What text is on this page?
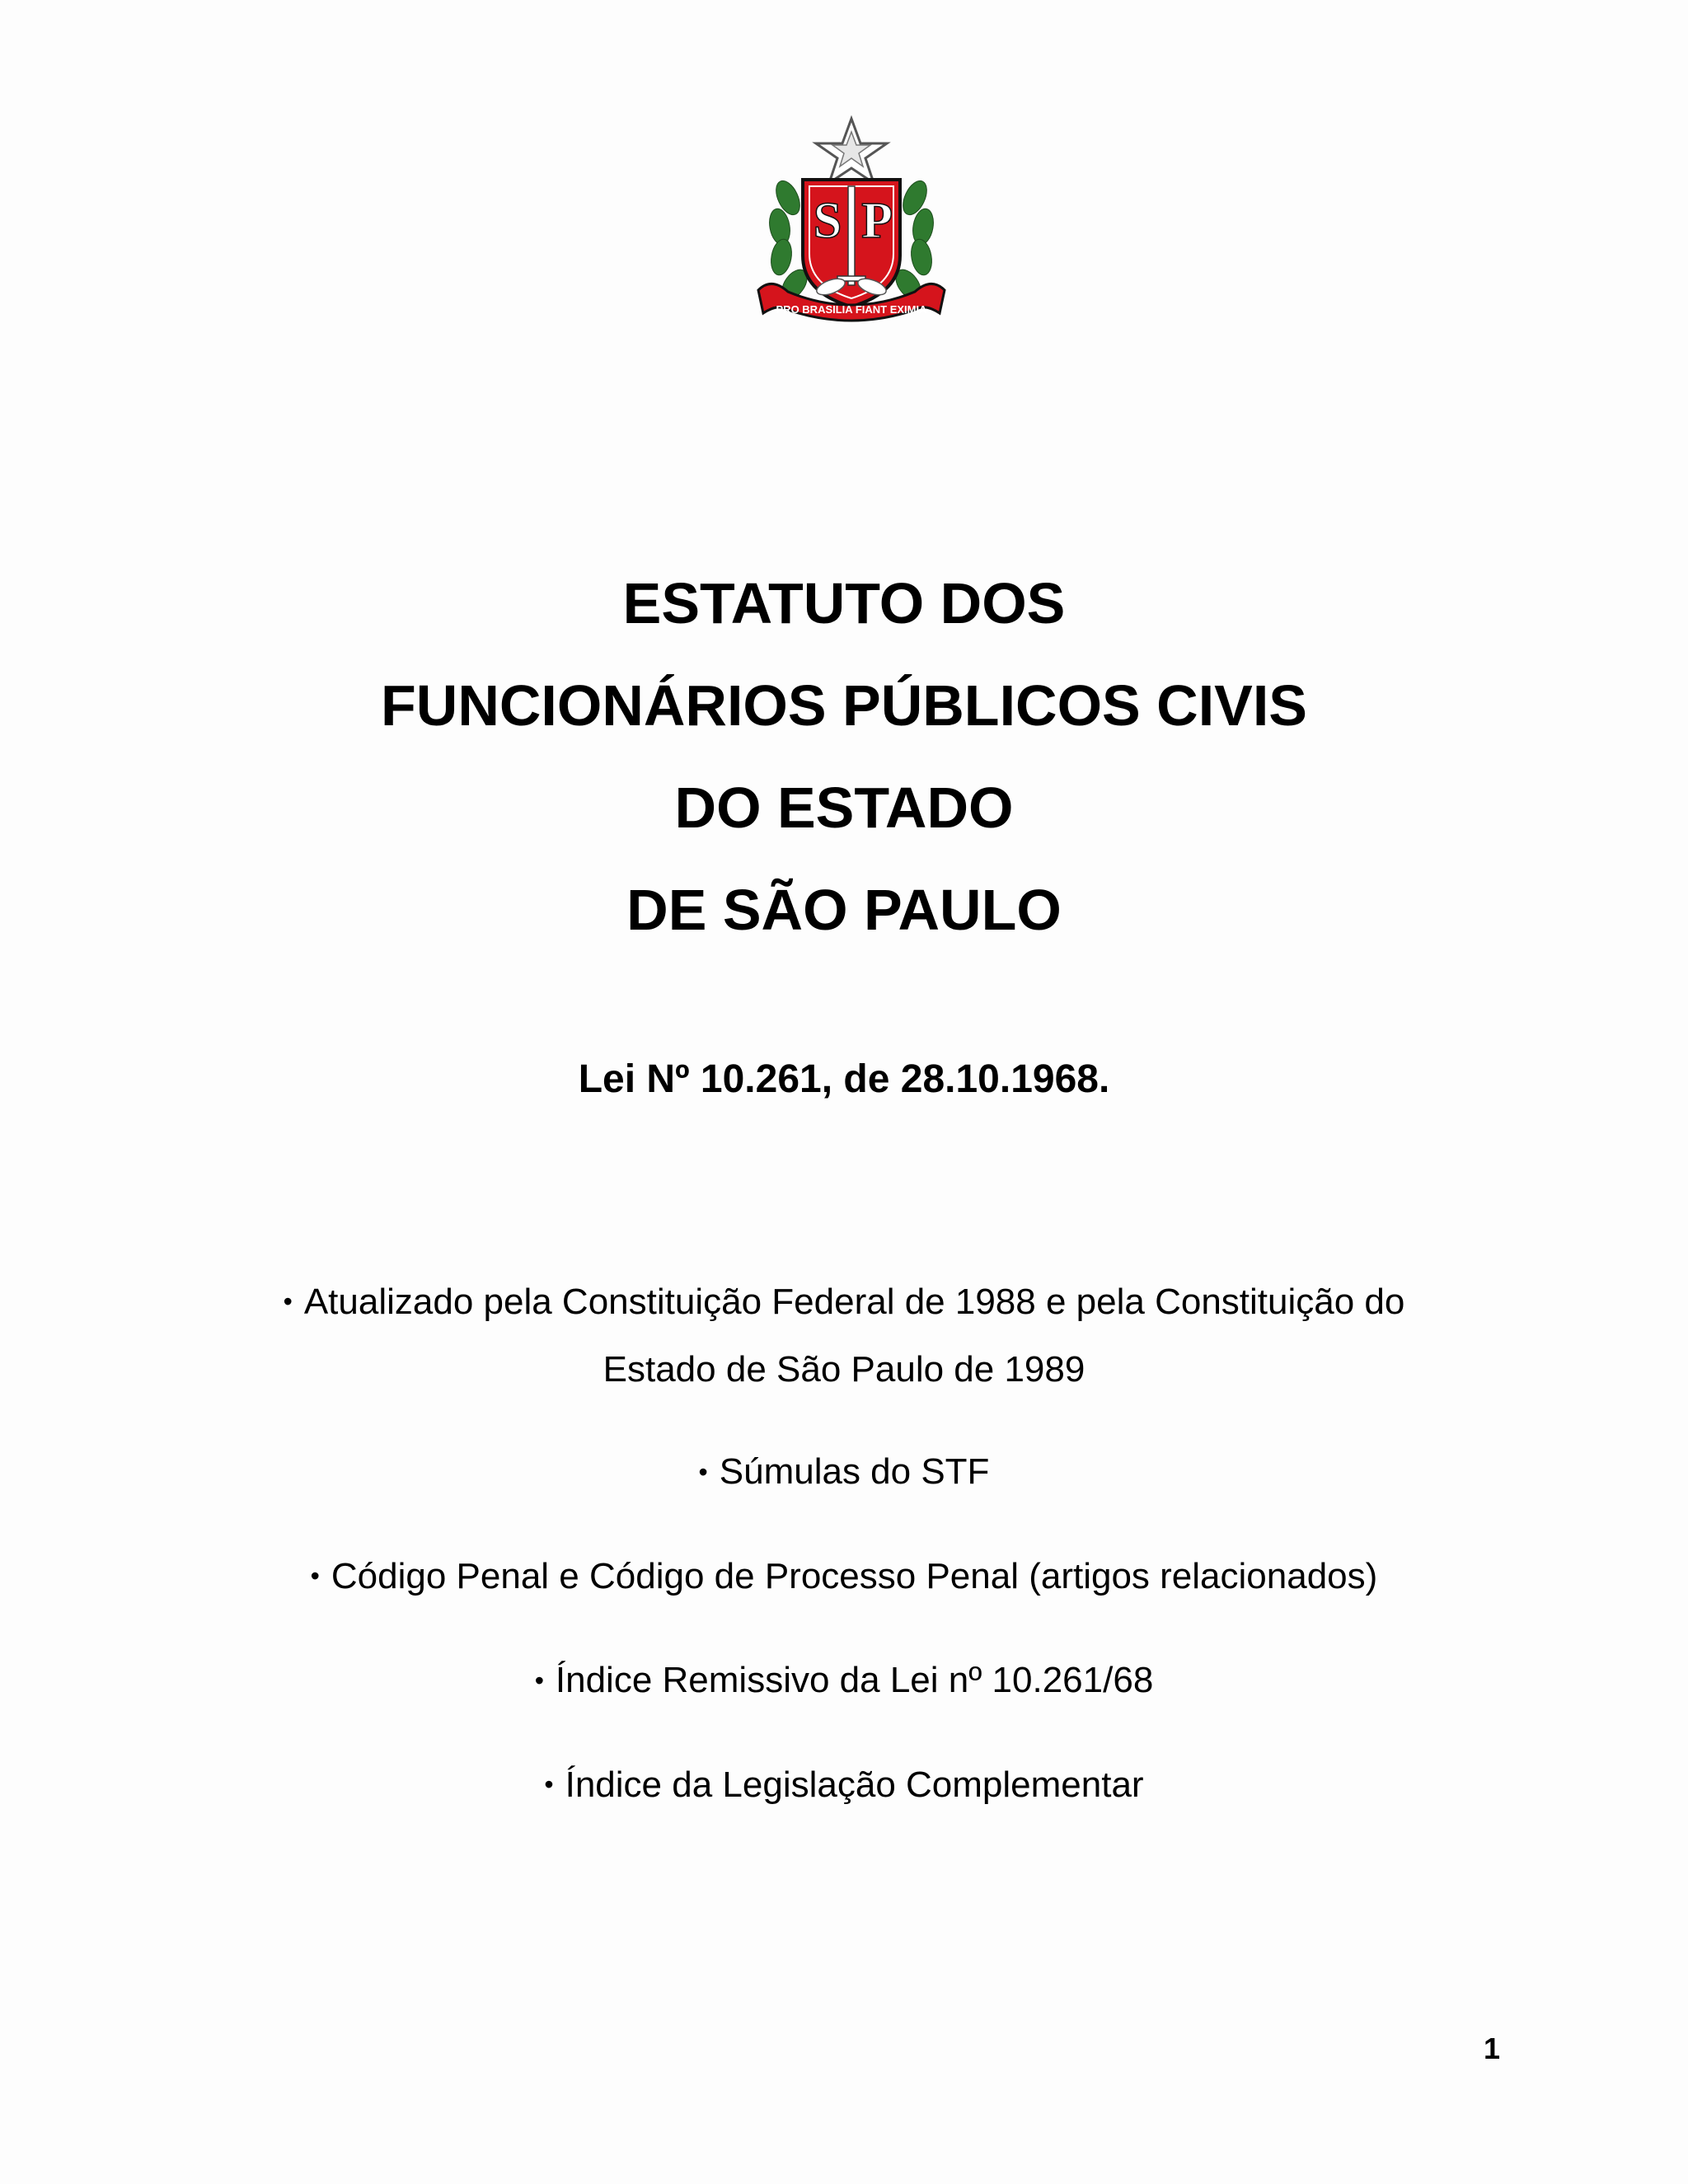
S P
PRO BRASILIA FIANT EXIMIA
ESTATUTO DOS
FUNCIONÁRIOS PÚBLICOS CIVIS
DO ESTADO
DE SÃO PAULO
Lei Nº 10.261, de 28.10.1968.
• Atualizado pela Constituição Federal de 1988 e pela Constituição do Estado de São Paulo de 1989
• Súmulas do STF
• Código Penal e Código de Processo Penal (artigos relacionados)
• Índice Remissivo da Lei nº 10.261/68
• Índice da Legislação Complementar
1
